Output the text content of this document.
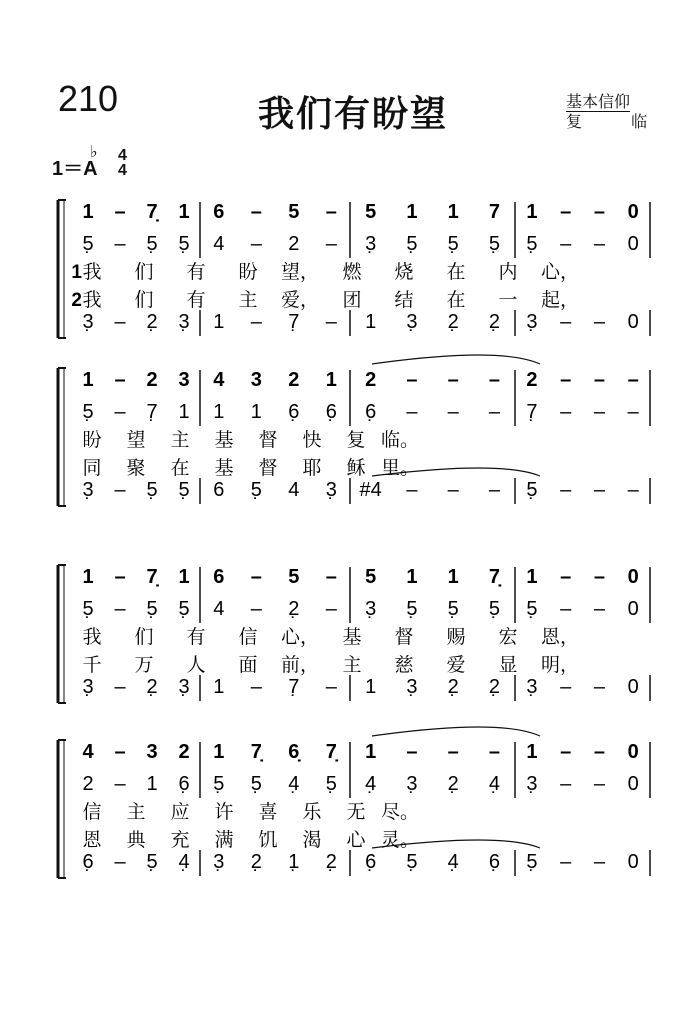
210	我们有盼望	基本信仰
复 临
1＝A
♭ 4
4
1 – 7̣ 1 6 – 5 – 5 1 1 7 1 – – 0
5̣ – 5̣ 5̣ 4 – 2 – 3̣ 5̣ 5̣ 5̣ 5̣ – – 0
3̣ – 2̣ 3̣ 1 – 7̣ – 1 3̣ 2̣ 2̣ 3̣ – – 0
1
2
我 们 有 盼 望， 燃 烧 在 内 心，
我 们 有 主 爱， 团 结 在 一 起，
1 – 2 3 4 3 2 1 2 – – – 2 – – –
5̣ – 7̣ 1 1 1 6̣ 6̣ 6̣ – – – 7̣ – – –
3̣ – 5̣ 5̣ 6 5̣ 4 3̣ #4 – – – 5̣ – – –
盼 望 主 基 督 快 复 临。
同 聚 在 基 督 耶 稣 里。
1 – 7̣ 1 6 – 5 – 5 1 1 7̣ 1 – – 0
5̣ – 5̣ 5̣ 4 – 2̣ – 3̣ 5̣ 5̣ 5̣ 5̣ – – 0
3̣ – 2̣ 3̣ 1 – 7̣ – 1 3̣ 2̣ 2̣ 3̣ – – 0
我 们 有 信 心， 基 督 赐 宏 恩，
千 万 人 面 前， 主 慈 爱 显 明，
4 – 3 2 1 7̣ 6̣ 7̣ 1 – – – 1 – – 0
2 – 1 6̣ 5̣ 5̣ 4̣ 5̣ 4̣ 3̣ 2̣ 4̣ 3̣ – – 0
6̣ – 5̣ 4̣ 3̣ 2̣ 1̣ 2̣ 6̣ 5̣ 4̣ 6̣ 5̣ – – 0
信 主 应 许 喜 乐 无 尽。
恩 典 充 满 饥 渴 心 灵。
